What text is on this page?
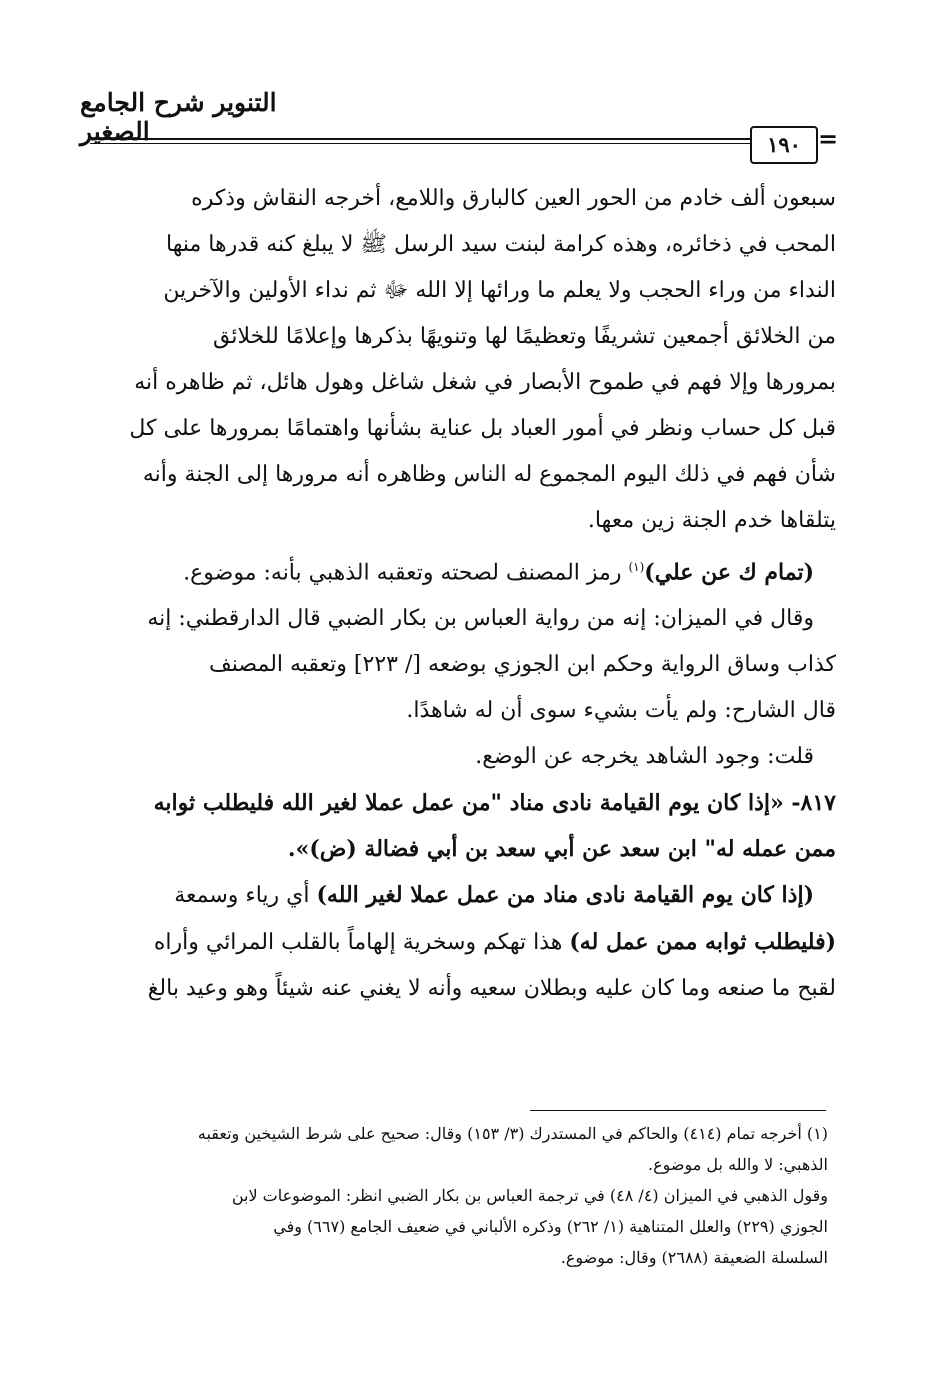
التنوير شرح الجامع الصغير	١٩٠ =

سبعون ألف خادم من الحور العين كالبارق واللامع، أخرجه النقاش وذكره

المحب في ذخائره، وهذه كرامة لبنت سيد الرسل ﷺ لا يبلغ كنه قدرها منها

النداء من وراء الحجب ولا يعلم ما ورائها إلا الله ﷻ ثم نداء الأولين والآخرين

من الخلائق أجمعين تشريفًا وتعظيمًا لها وتنويهًا بذكرها وإعلامًا للخلائق

بمرورها وإلا فهم في طموح الأبصار في شغل شاغل وهول هائل، ثم ظاهره أنه

قبل كل حساب ونظر في أمور العباد بل عناية بشأنها واهتمامًا بمرورها على كل

شأن فهم في ذلك اليوم المجموع له الناس وظاهره أنه مرورها إلى الجنة وأنه

يتلقاها خدم الجنة زين معها.

(تمام ك عن علي)$^{(١)}$ رمز المصنف لصحته وتعقبه الذهبي بأنه: موضوع.

وقال في الميزان: إنه من رواية العباس بن بكار الضبي قال الدارقطني: إنه

كذاب وساق الرواية وحكم ابن الجوزي بوضعه [/ ٢٢٣] وتعقبه المصنف

قال الشارح: ولم يأت بشيء سوى أن له شاهدًا.

قلت: وجود الشاهد يخرجه عن الوضع.

٨١٧- «إذا كان يوم القيامة نادى مناد "من عمل عملا لغير الله فليطلب ثوابه

ممن عمله له" ابن سعد عن أبي سعد بن أبي فضالة (ض)».

(إذا كان يوم القيامة نادى مناد من عمل عملا لغير الله) أي رياء وسمعة

(فليطلب ثوابه ممن عمل له) هذا تهكم وسخرية إلهاماً بالقلب المرائي وأراه

لقبح ما صنعه وما كان عليه وبطلان سعيه وأنه لا يغني عنه شيئاً وهو وعيد بالغ

(١) أخرجه تمام (٤١٤) والحاكم في المستدرك (٣/ ١٥٣) وقال: صحيح على شرط الشيخين وتعقبه

الذهبي: لا والله بل موضوع.

وقول الذهبي في الميزان (٤/ ٤٨) في ترجمة العباس بن بكار الضبي انظر: الموضوعات لابن

الجوزي (٢٢٩) والعلل المتناهية (١/ ٢٦٢) وذكره الألباني في ضعيف الجامع (٦٦٧) وفي

السلسلة الضعيفة (٢٦٨٨) وقال: موضوع.
